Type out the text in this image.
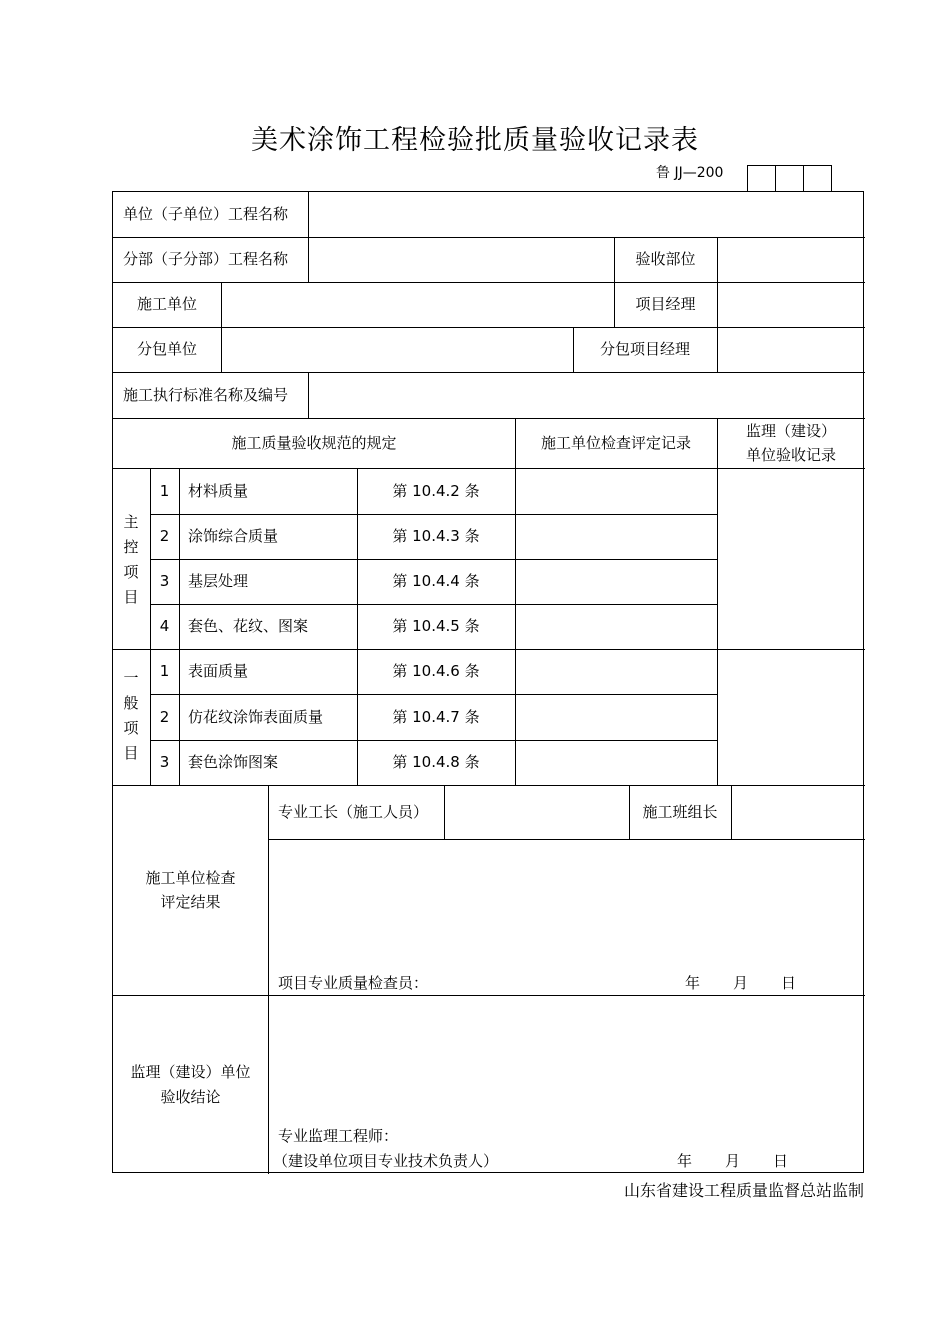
美术涂饰工程检验批质量验收记录表
鲁 JJ—200
单位（子单位）工程名称
分部（子分部）工程名称	验收部位
施工单位	项目经理
分包单位	分包项目经理
施工执行标准名称及编号
施工质量验收规范的规定	施工单位检查评定记录
监理（建设）
单位验收记录
主控项目
1	材料质量	第 10.4.2 条
2	涂饰综合质量	第 10.4.3 条
3	基层处理	第 10.4.4 条
4	套色、花纹、图案	第 10.4.5 条
一般项目
1	表面质量	第 10.4.6 条
2	仿花纹涂饰表面质量	第 10.4.7 条
3	套色涂饰图案	第 10.4.8 条
施工单位检查
评定结果
专业工长（施工人员）	施工班组长
项目专业质量检查员：	年 月 日
监理（建设）单位
验收结论
专业监理工程师：
（建设单位项目专业技术负责人）	年 月 日
山东省建设工程质量监督总站监制
